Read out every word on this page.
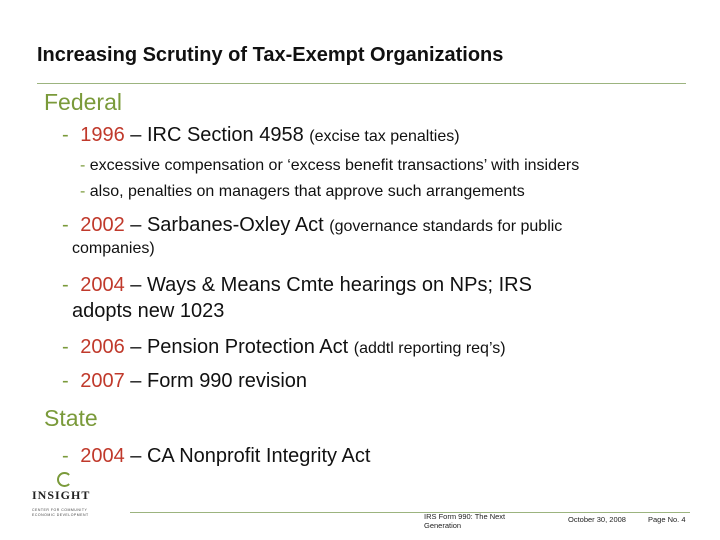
Increasing Scrutiny of Tax-Exempt Organizations
Federal
- 1996 – IRC Section 4958 (excise tax penalties)
- excessive compensation or ‘excess benefit transactions’ with insiders
- also, penalties on managers that approve such arrangements
- 2002 – Sarbanes-Oxley Act (governance standards for public
companies)
- 2004 – Ways & Means Cmte hearings on NPs; IRS
adopts new 1023
- 2006 – Pension Protection Act (addtl reporting req’s)
- 2007 – Form 990 revision
State
- 2004 – CA Nonprofit Integrity Act
INSIGHT
CENTER FOR COMMUNITY
ECONOMIC DEVELOPMENT	IRS Form 990: The Next
Generation
October 30, 2008	Page No. 4
